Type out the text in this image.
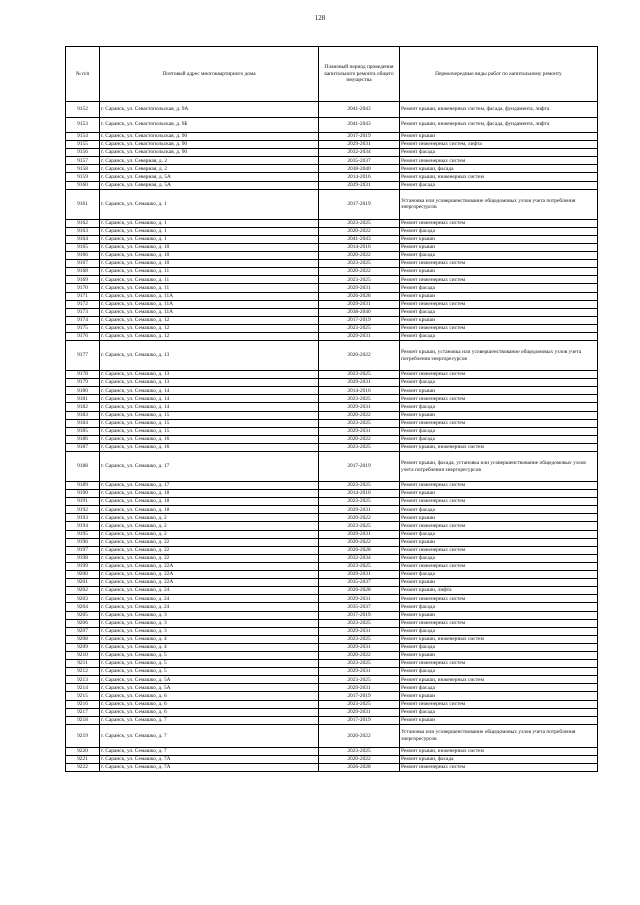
128
№ п/п	Почтовый адрес многоквартирного дома	Плановый период проведения капитального ремонта общего имущества	Первоочередные виды работ по капитальному ремонту
9152	г. Саранск, ул. Севастопольская, д. 9А	2041-2043	Ремонт крыши, инженерных систем, фасада, фундамента, лифта
9153	г. Саранск, ул. Севастопольская, д. 9Б	2041-2043	Ремонт крыши, инженерных систем, фасада, фундамента, лифта
9154	г. Саранск, ул. Севастопольская, д. 90	2017-2019	Ремонт крыши
9155	г. Саранск, ул. Севастопольская, д. 90	2029-2031	Ремонт инженерных систем, лифта
9156	г. Саранск, ул. Севастопольская, д. 90	2032-2034	Ремонт фасада
9157	г. Саранск, ул. Северная, д. 2	2035-2037	Ремонт инженерных систем
9158	г. Саранск, ул. Северная, д. 2	2038-2040	Ремонт крыши, фасада
9159	г. Саранск, ул. Северная, д. 5А	2014-2016	Ремонт крыши, инженерных систем
9160	г. Саранск, ул. Северная, д. 5А	2029-2031	Ремонт фасада
9161	г. Саранск, ул. Семашко, д. 1	2017-2019	Установка или усовершенствование общедомовых узлов учета потребления энергоресурсов
9162	г. Саранск, ул. Семашко, д. 1	2023-2025	Ремонт инженерных систем
9163	г. Саранск, ул. Семашко, д. 1	2020-2022	Ремонт фасада
9164	г. Саранск, ул. Семашко, д. 1	2041-2043	Ремонт крыши
9165	г. Саранск, ул. Семашко, д. 10	2014-2016	Ремонт крыши
9166	г. Саранск, ул. Семашко, д. 10	2020-2022	Ремонт фасада
9167	г. Саранск, ул. Семашко, д. 10	2023-2025	Ремонт инженерных систем
9168	г. Саранск, ул. Семашко, д. 11	2020-2022	Ремонт крыши
9169	г. Саранск, ул. Семашко, д. 11	2023-2025	Ремонт инженерных систем
9170	г. Саранск, ул. Семашко, д. 11	2029-2031	Ремонт фасада
9171	г. Саранск, ул. Семашко, д. 11А	2026-2028	Ремонт крыши
9172	г. Саранск, ул. Семашко, д. 11А	2029-2031	Ремонт инженерных систем
9173	г. Саранск, ул. Семашко, д. 11А	2038-2040	Ремонт фасада
9174	г. Саранск, ул. Семашко, д. 12	2017-2019	Ремонт крыши
9175	г. Саранск, ул. Семашко, д. 12	2023-2025	Ремонт инженерных систем
9176	г. Саранск, ул. Семашко, д. 12	2029-2031	Ремонт фасада
9177	г. Саранск, ул. Семашко, д. 13	2020-2022	Ремонт крыши, установка или усовершенствование общедомовых узлов учета потребления энергоресурсов
9178	г. Саранск, ул. Семашко, д. 13	2023-2025	Ремонт инженерных систем
9179	г. Саранск, ул. Семашко, д. 13	2029-2031	Ремонт фасада
9180	г. Саранск, ул. Семашко, д. 14	2014-2016	Ремонт крыши
9181	г. Саранск, ул. Семашко, д. 14	2023-2025	Ремонт инженерных систем
9182	г. Саранск, ул. Семашко, д. 14	2029-2031	Ремонт фасада
9183	г. Саранск, ул. Семашко, д. 15	2020-2022	Ремонт крыши
9184	г. Саранск, ул. Семашко, д. 15	2023-2025	Ремонт инженерных систем
9185	г. Саранск, ул. Семашко, д. 15	2029-2031	Ремонт фасада
9186	г. Саранск, ул. Семашко, д. 16	2020-2022	Ремонт фасада
9187	г. Саранск, ул. Семашко, д. 16	2023-2025	Ремонт крыши, инженерных систем
9188	г. Саранск, ул. Семашко, д. 17	2017-2019	Ремонт крыши, фасада, установка или усовершенствование общедомовых узлов учета потребления энергоресурсов
9189	г. Саранск, ул. Семашко, д. 17	2023-2025	Ремонт инженерных систем
9190	г. Саранск, ул. Семашко, д. 18	2014-2016	Ремонт крыши
9191	г. Саранск, ул. Семашко, д. 18	2023-2025	Ремонт инженерных систем
9192	г. Саранск, ул. Семашко, д. 18	2029-2031	Ремонт фасада
9193	г. Саранск, ул. Семашко, д. 2	2020-2022	Ремонт крыши
9194	г. Саранск, ул. Семашко, д. 2	2023-2025	Ремонт инженерных систем
9195	г. Саранск, ул. Семашко, д. 2	2029-2031	Ремонт фасада
9196	г. Саранск, ул. Семашко, д. 22	2020-2022	Ремонт крыши
9197	г. Саранск, ул. Семашко, д. 22	2026-2028	Ремонт инженерных систем
9198	г. Саранск, ул. Семашко, д. 22	2032-2034	Ремонт фасада
9199	г. Саранск, ул. Семашко, д. 22А	2023-2025	Ремонт инженерных систем
9200	г. Саранск, ул. Семашко, д. 22А	2029-2031	Ремонт фасада
9201	г. Саранск, ул. Семашко, д. 22А	2035-2037	Ремонт крыши
9202	г. Саранск, ул. Семашко, д. 24	2026-2028	Ремонт крыши, лифта
9203	г. Саранск, ул. Семашко, д. 24	2029-2031	Ремонт инженерных систем
9204	г. Саранск, ул. Семашко, д. 24	2035-2037	Ремонт фасада
9205	г. Саранск, ул. Семашко, д. 3	2017-2019	Ремонт крыши
9206	г. Саранск, ул. Семашко, д. 3	2023-2025	Ремонт инженерных систем
9207	г. Саранск, ул. Семашко, д. 3	2029-2031	Ремонт фасада
9208	г. Саранск, ул. Семашко, д. 4	2023-2025	Ремонт крыши, инженерных систем
9209	г. Саранск, ул. Семашко, д. 4	2029-2031	Ремонт фасада
9210	г. Саранск, ул. Семашко, д. 5	2020-2022	Ремонт крыши
9211	г. Саранск, ул. Семашко, д. 5	2023-2025	Ремонт инженерных систем
9212	г. Саранск, ул. Семашко, д. 5	2029-2031	Ремонт фасада
9213	г. Саранск, ул. Семашко, д. 5А	2023-2025	Ремонт крыши, инженерных систем
9214	г. Саранск, ул. Семашко, д. 5А	2029-2031	Ремонт фасада
9215	г. Саранск, ул. Семашко, д. 6	2017-2019	Ремонт крыши
9216	г. Саранск, ул. Семашко, д. 6	2023-2025	Ремонт инженерных систем
9217	г. Саранск, ул. Семашко, д. 6	2029-2031	Ремонт фасада
9218	г. Саранск, ул. Семашко, д. 7	2017-2019	Ремонт крыши
9219	г. Саранск, ул. Семашко, д. 7	2020-2022	Установка или усовершенствование общедомовых узлов учета потребления энергоресурсов
9220	г. Саранск, ул. Семашко, д. 7	2023-2025	Ремонт крыши, инженерных систем
9221	г. Саранск, ул. Семашко, д. 7А	2020-2022	Ремонт крыши, фасада
9222	г. Саранск, ул. Семашко, д. 7А	2026-2028	Ремонт инженерных систем
